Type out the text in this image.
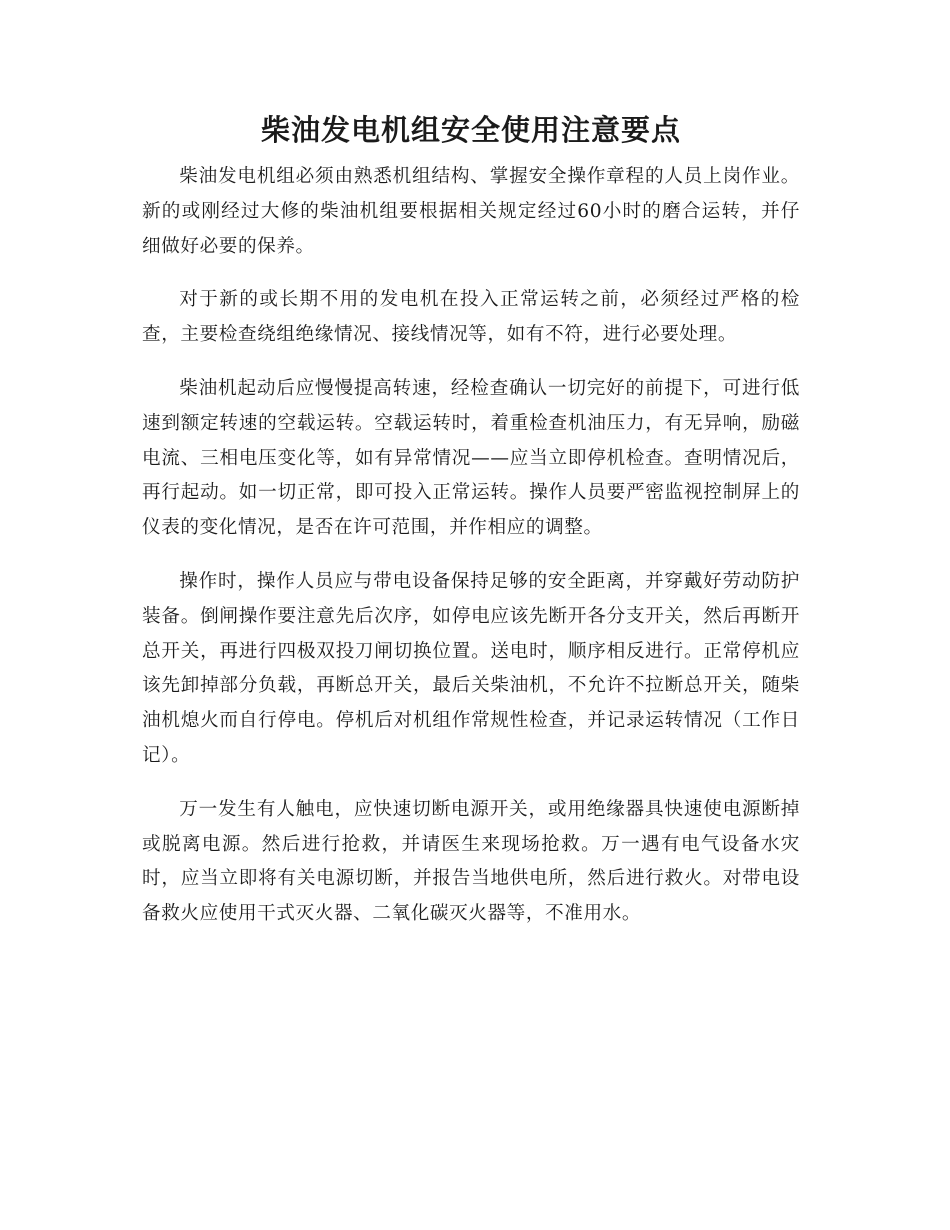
柴油发电机组安全使用注意要点

柴油发电机组必须由熟悉机组结构、掌握安全操作章程的人员上岗作业。新的或刚经过大修的柴油机组要根据相关规定经过60小时的磨合运转，并仔细做好必要的保养。

对于新的或长期不用的发电机在投入正常运转之前，必须经过严格的检查，主要检查绕组绝缘情况、接线情况等，如有不符，进行必要处理。

柴油机起动后应慢慢提高转速，经检查确认一切完好的前提下，可进行低速到额定转速的空载运转。空载运转时，着重检查机油压力，有无异响，励磁电流、三相电压变化等，如有异常情况——应当立即停机检查。查明情况后，再行起动。如一切正常，即可投入正常运转。操作人员要严密监视控制屏上的仪表的变化情况，是否在许可范围，并作相应的调整。

操作时，操作人员应与带电设备保持足够的安全距离，并穿戴好劳动防护装备。倒闸操作要注意先后次序，如停电应该先断开各分支开关，然后再断开总开关，再进行四极双投刀闸切换位置。送电时，顺序相反进行。正常停机应该先卸掉部分负载，再断总开关，最后关柴油机，不允许不拉断总开关，随柴油机熄火而自行停电。停机后对机组作常规性检查，并记录运转情况（工作日记）。

万一发生有人触电，应快速切断电源开关，或用绝缘器具快速使电源断掉或脱离电源。然后进行抢救，并请医生来现场抢救。万一遇有电气设备水灾时，应当立即将有关电源切断，并报告当地供电所，然后进行救火。对带电设备救火应使用干式灭火器、二氧化碳灭火器等，不准用水。
